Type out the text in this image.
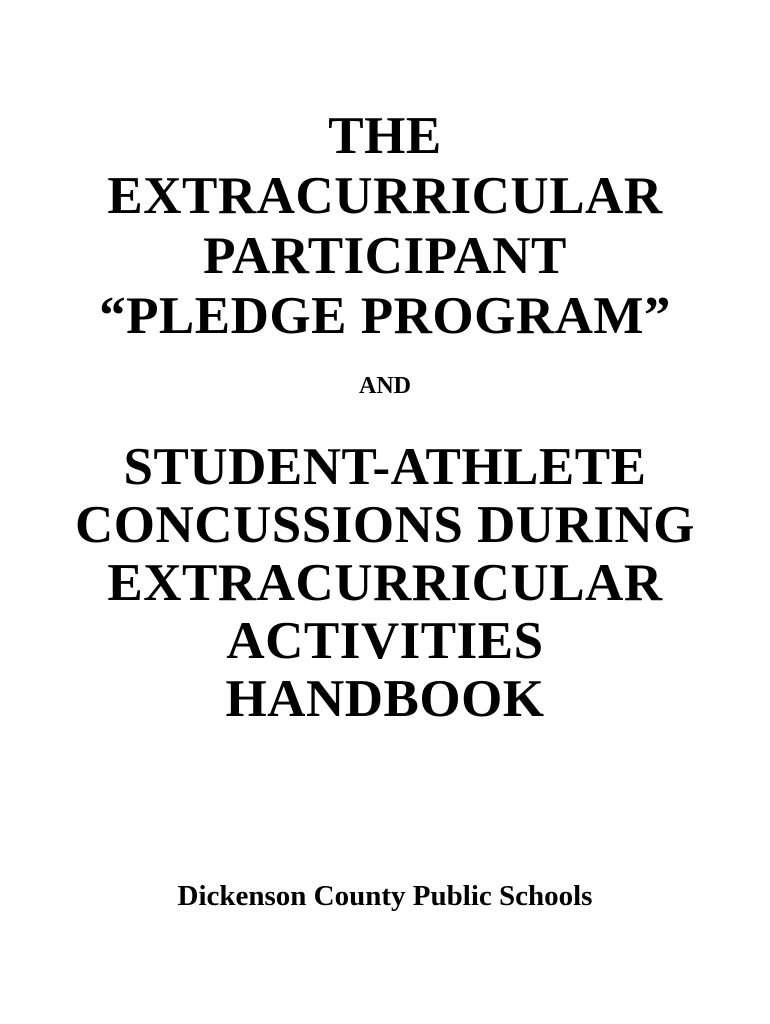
THE
EXTRACURRICULAR
PARTICIPANT
“PLEDGE PROGRAM”
AND
STUDENT-ATHLETE
CONCUSSIONS DURING
EXTRACURRICULAR
ACTIVITIES
HANDBOOK
Dickenson County Public Schools
